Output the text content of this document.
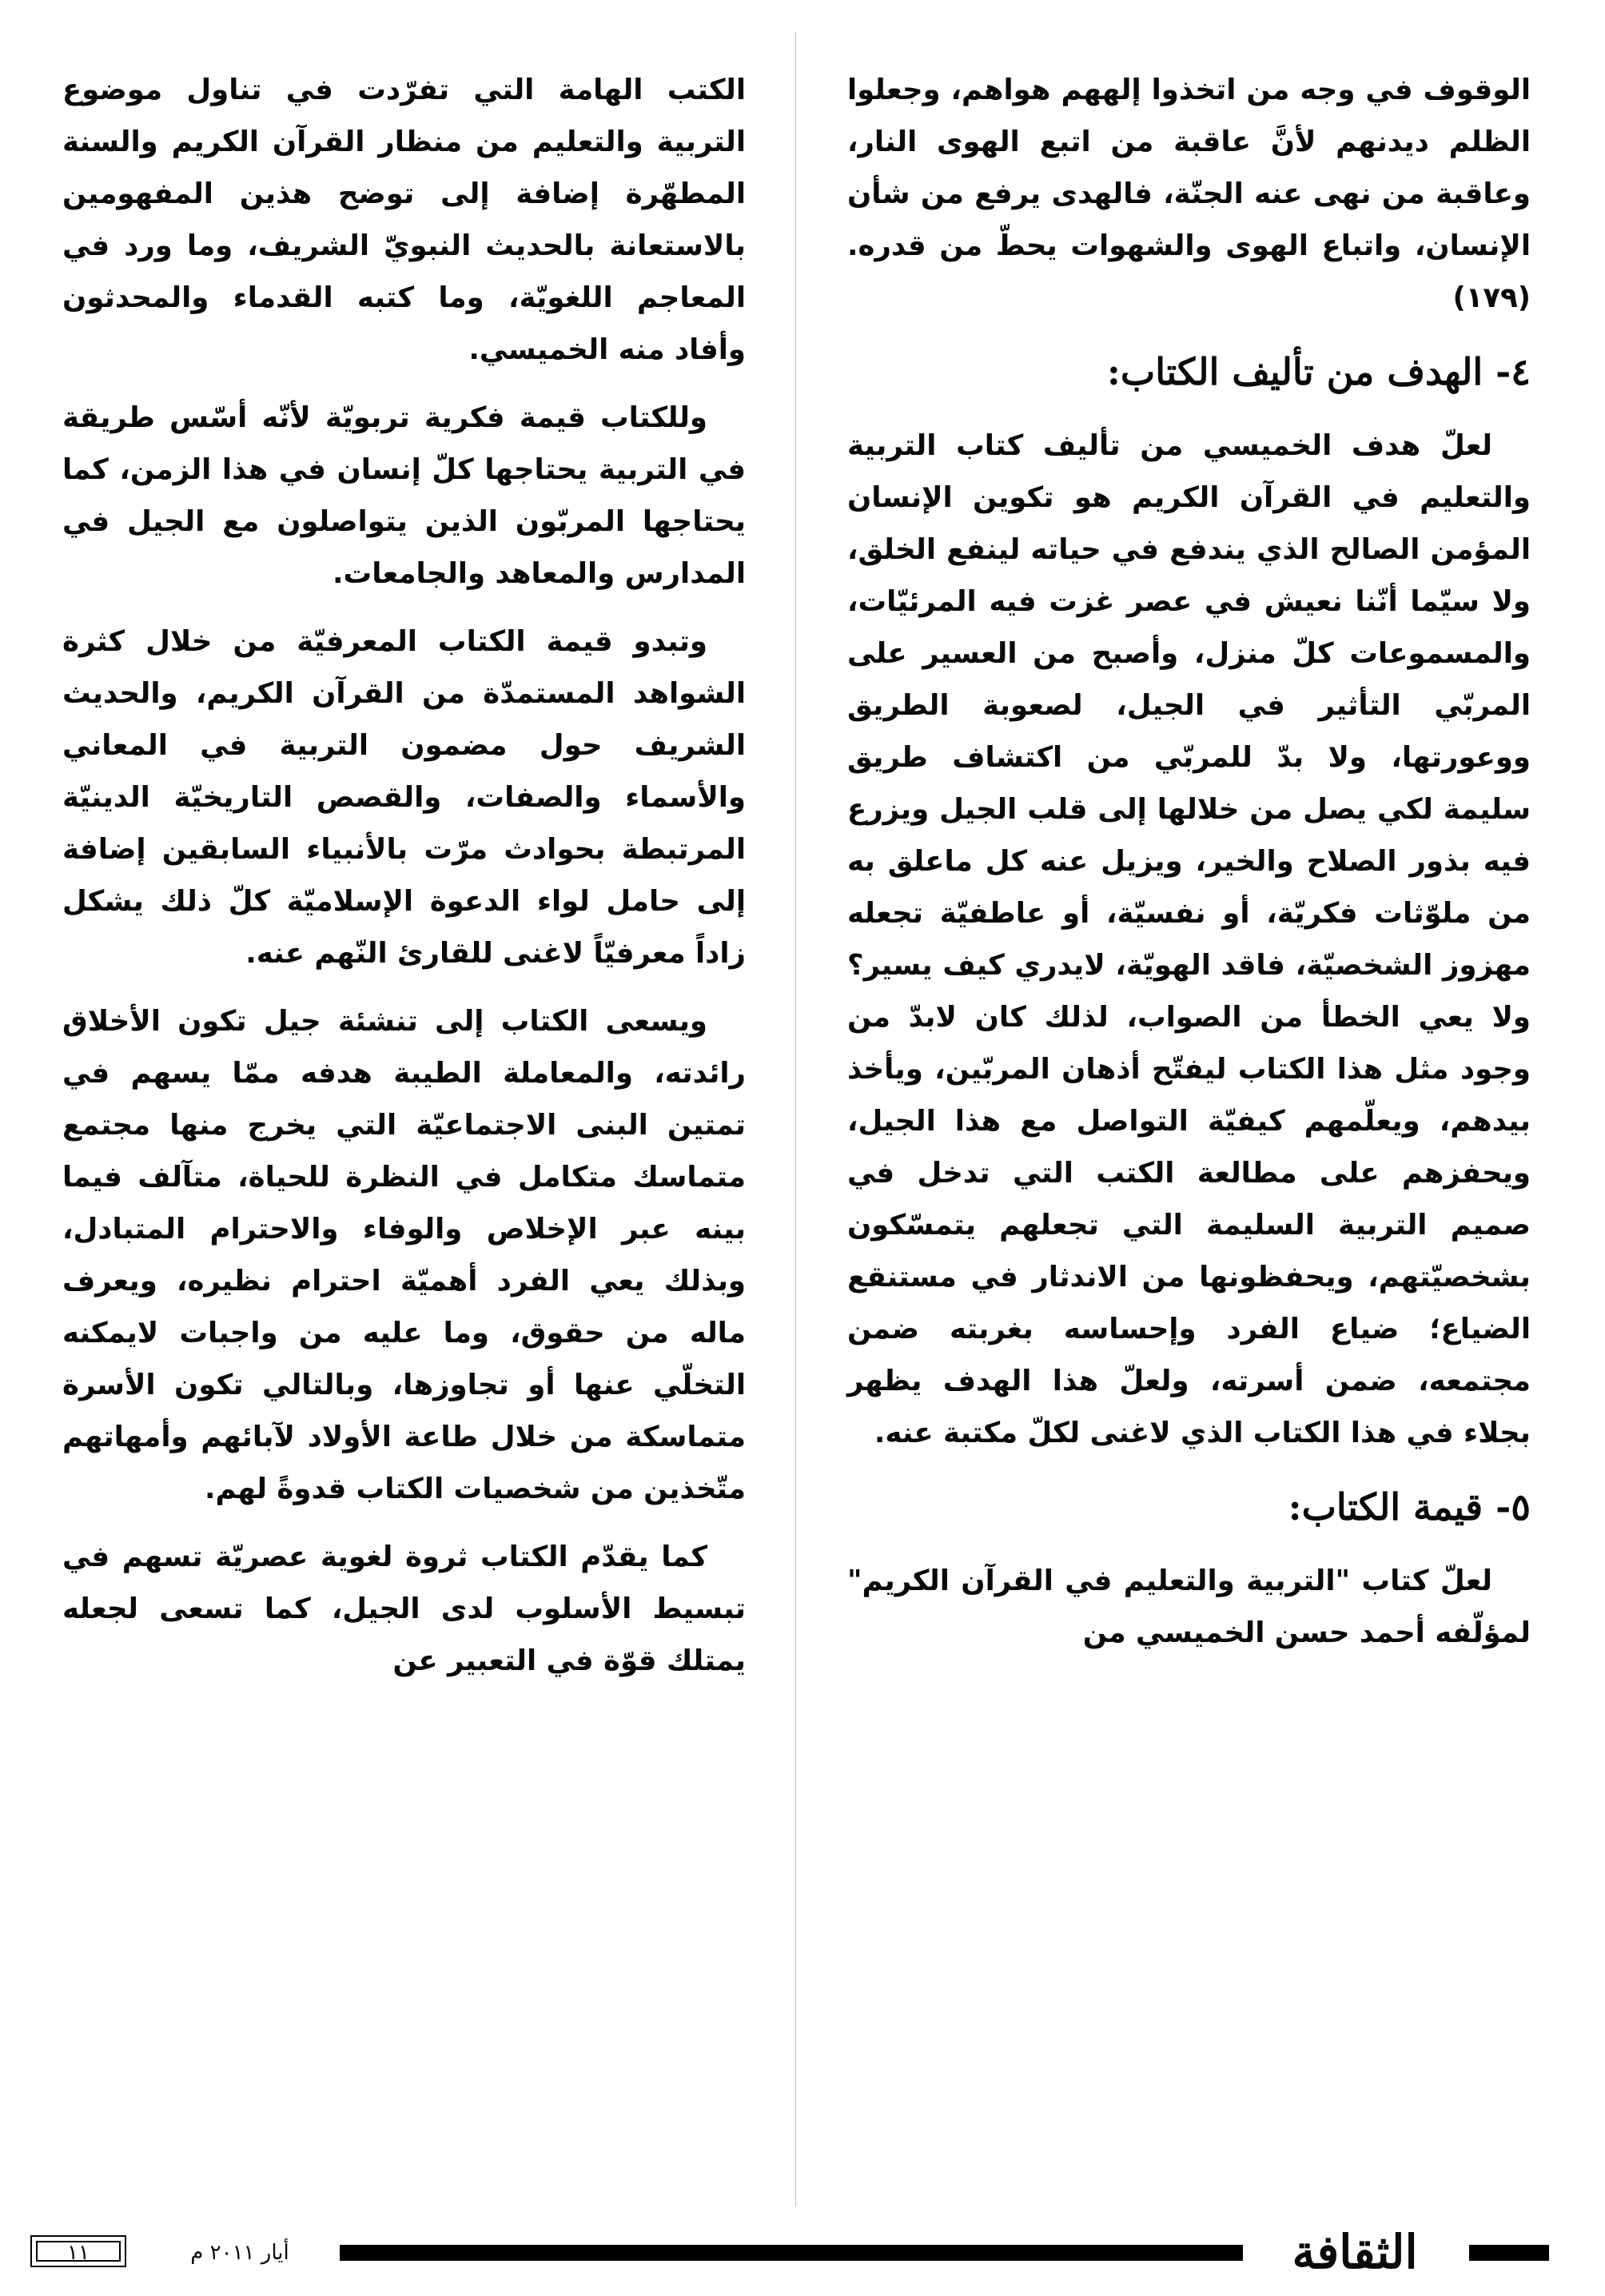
الوقوف في وجه من اتخذوا إلههم هواهم، وجعلوا الظلم ديدنهم لأنَّ عاقبة من اتبع الهوى النار، وعاقبة من نهى عنه الجنّة، فالهدى يرفع من شأن الإنسان، واتباع الهوى والشهوات يحطّ من قدره.(١٧٩)

٤- الهدف من تأليف الكتاب:

لعلّ هدف الخميسي من تأليف كتاب التربية والتعليم في القرآن الكريم هو تكوين الإنسان المؤمن الصالح الذي يندفع في حياته لينفع الخلق، ولا سيّما أنّنا نعيش في عصر غزت فيه المرئيّات، والمسموعات كلّ منزل، وأصبح من العسير على المربّي التأثير في الجيل، لصعوبة الطريق ووعورتها، ولا بدّ للمربّي من اكتشاف طريق سليمة لكي يصل من خلالها إلى قلب الجيل ويزرع فيه بذور الصلاح والخير، ويزيل عنه كل ماعلق به من ملوّثات فكريّة، أو نفسيّة، أو عاطفيّة تجعله مهزوز الشخصيّة، فاقد الهويّة، لايدري كيف يسير؟ ولا يعي الخطأ من الصواب، لذلك كان لابدّ من وجود مثل هذا الكتاب ليفتّح أذهان المربّين، ويأخذ بيدهم، ويعلّمهم كيفيّة التواصل مع هذا الجيل، ويحفزهم على مطالعة الكتب التي تدخل في صميم التربية السليمة التي تجعلهم يتمسّكون بشخصيّتهم، ويحفظونها من الاندثار في مستنقع الضياع؛ ضياع الفرد وإحساسه بغربته ضمن مجتمعه، ضمن أسرته، ولعلّ هذا الهدف يظهر بجلاء في هذا الكتاب الذي لاغنى لكلّ مكتبة عنه.

٥- قيمة الكتاب:

لعلّ كتاب "التربية والتعليم في القرآن الكريم" لمؤلّفه أحمد حسن الخميسي من

الكتب الهامة التي تفرّدت في تناول موضوع التربية والتعليم من منظار القرآن الكريم والسنة المطهّرة إضافة إلى توضح هذين المفهومين بالاستعانة بالحديث النبويّ الشريف، وما ورد في المعاجم اللغويّة، وما كتبه القدماء والمحدثون وأفاد منه الخميسي.

وللكتاب قيمة فكرية تربويّة لأنّه أسّس طريقة في التربية يحتاجها كلّ إنسان في هذا الزمن، كما يحتاجها المربّون الذين يتواصلون مع الجيل في المدارس والمعاهد والجامعات.

وتبدو قيمة الكتاب المعرفيّة من خلال كثرة الشواهد المستمدّة من القرآن الكريم، والحديث الشريف حول مضمون التربية في المعاني والأسماء والصفات، والقصص التاريخيّة الدينيّة المرتبطة بحوادث مرّت بالأنبياء السابقين إضافة إلى حامل لواء الدعوة الإسلاميّة كلّ ذلك يشكل زاداً معرفيّاً لاغنى للقارئ النّهم عنه.

ويسعى الكتاب إلى تنشئة جيل تكون الأخلاق رائدته، والمعاملة الطيبة هدفه ممّا يسهم في تمتين البنى الاجتماعيّة التي يخرج منها مجتمع متماسك متكامل في النظرة للحياة، متآلف فيما بينه عبر الإخلاص والوفاء والاحترام المتبادل، وبذلك يعي الفرد أهميّة احترام نظيره، ويعرف ماله من حقوق، وما عليه من واجبات لايمكنه التخلّي عنها أو تجاوزها، وبالتالي تكون الأسرة متماسكة من خلال طاعة الأولاد لآبائهم وأمهاتهم متّخذين من شخصيات الكتاب قدوةً لهم.

كما يقدّم الكتاب ثروة لغوية عصريّة تسهم في تبسيط الأسلوب لدى الجيل، كما تسعى لجعله يمتلك قوّة في التعبير عن

١١	أيار ٢٠١١ م	الثقافة
